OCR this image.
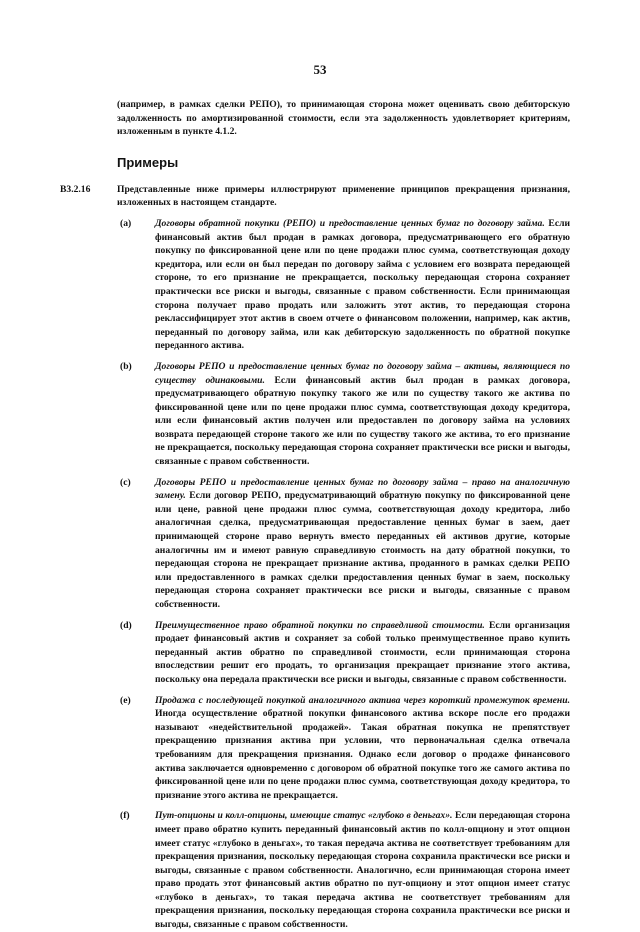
53

(например, в рамках сделки РЕПО), то принимающая сторона может оценивать свою дебиторскую задолженность по амортизированной стоимости, если эта задолженность удовлетворяет критериям, изложенным в пункте 4.1.2.

Примеры
B3.2.16	Представленные ниже примеры иллюстрируют применение принципов прекращения признания, изложенных в настоящем стандарте.
(a)	Договоры обратной покупки (РЕПО) и предоставление ценных бумаг по договору займа. Если финансовый актив был продан в рамках договора, предусматривающего его обратную покупку по фиксированной цене или по цене продажи плюс сумма, соответствующая доходу кредитора, или если он был передан по договору займа с условием его возврата передающей стороне, то его признание не прекращается, поскольку передающая сторона сохраняет практически все риски и выгоды, связанные с правом собственности. Если принимающая сторона получает право продать или заложить этот актив, то передающая сторона реклассифицирует этот актив в своем отчете о финансовом положении, например, как актив, переданный по договору займа, или как дебиторскую задолженность по обратной покупке переданного актива.
(b)	Договоры РЕПО и предоставление ценных бумаг по договору займа – активы, являющиеся по существу одинаковыми. Если финансовый актив был продан в рамках договора, предусматривающего обратную покупку такого же или по существу такого же актива по фиксированной цене или по цене продажи плюс сумма, соответствующая доходу кредитора, или если финансовый актив получен или предоставлен по договору займа на условиях возврата передающей стороне такого же или по существу такого же актива, то его признание не прекращается, поскольку передающая сторона сохраняет практически все риски и выгоды, связанные с правом собственности.
(c)	Договоры РЕПО и предоставление ценных бумаг по договору займа – право на аналогичную замену. Если договор РЕПО, предусматривающий обратную покупку по фиксированной цене или цене, равной цене продажи плюс сумма, соответствующая доходу кредитора, либо аналогичная сделка, предусматривающая предоставление ценных бумаг в заем, дает принимающей стороне право вернуть вместо переданных ей активов другие, которые аналогичны им и имеют равную справедливую стоимость на дату обратной покупки, то передающая сторона не прекращает признание актива, проданного в рамках сделки РЕПО или предоставленного в рамках сделки предоставления ценных бумаг в заем, поскольку передающая сторона сохраняет практически все риски и выгоды, связанные с правом собственности.
(d)	Преимущественное право обратной покупки по справедливой стоимости. Если организация продает финансовый актив и сохраняет за собой только преимущественное право купить переданный актив обратно по справедливой стоимости, если принимающая сторона впоследствии решит его продать, то организация прекращает признание этого актива, поскольку она передала практически все риски и выгоды, связанные с правом собственности.
(e)	Продажа с последующей покупкой аналогичного актива через короткий промежуток времени. Иногда осуществление обратной покупки финансового актива вскоре после его продажи называют «недействительной продажей». Такая обратная покупка не препятствует прекращению признания актива при условии, что первоначальная сделка отвечала требованиям для прекращения признания. Однако если договор о продаже финансового актива заключается одновременно с договором об обратной покупке того же самого актива по фиксированной цене или по цене продажи плюс сумма, соответствующая доходу кредитора, то признание этого актива не прекращается.
(f)	Пут-опционы и колл-опционы, имеющие статус «глубоко в деньгах». Если передающая сторона имеет право обратно купить переданный финансовый актив по колл-опциону и этот опцион имеет статус «глубоко в деньгах», то такая передача актива не соответствует требованиям для прекращения признания, поскольку передающая сторона сохранила практически все риски и выгоды, связанные с правом собственности. Аналогично, если принимающая сторона имеет право продать этот финансовый актив обратно по пут-опциону и этот опцион имеет статус «глубоко в деньгах», то такая передача актива не соответствует требованиям для прекращения признания, поскольку передающая сторона сохранила практически все риски и выгоды, связанные с правом собственности.
